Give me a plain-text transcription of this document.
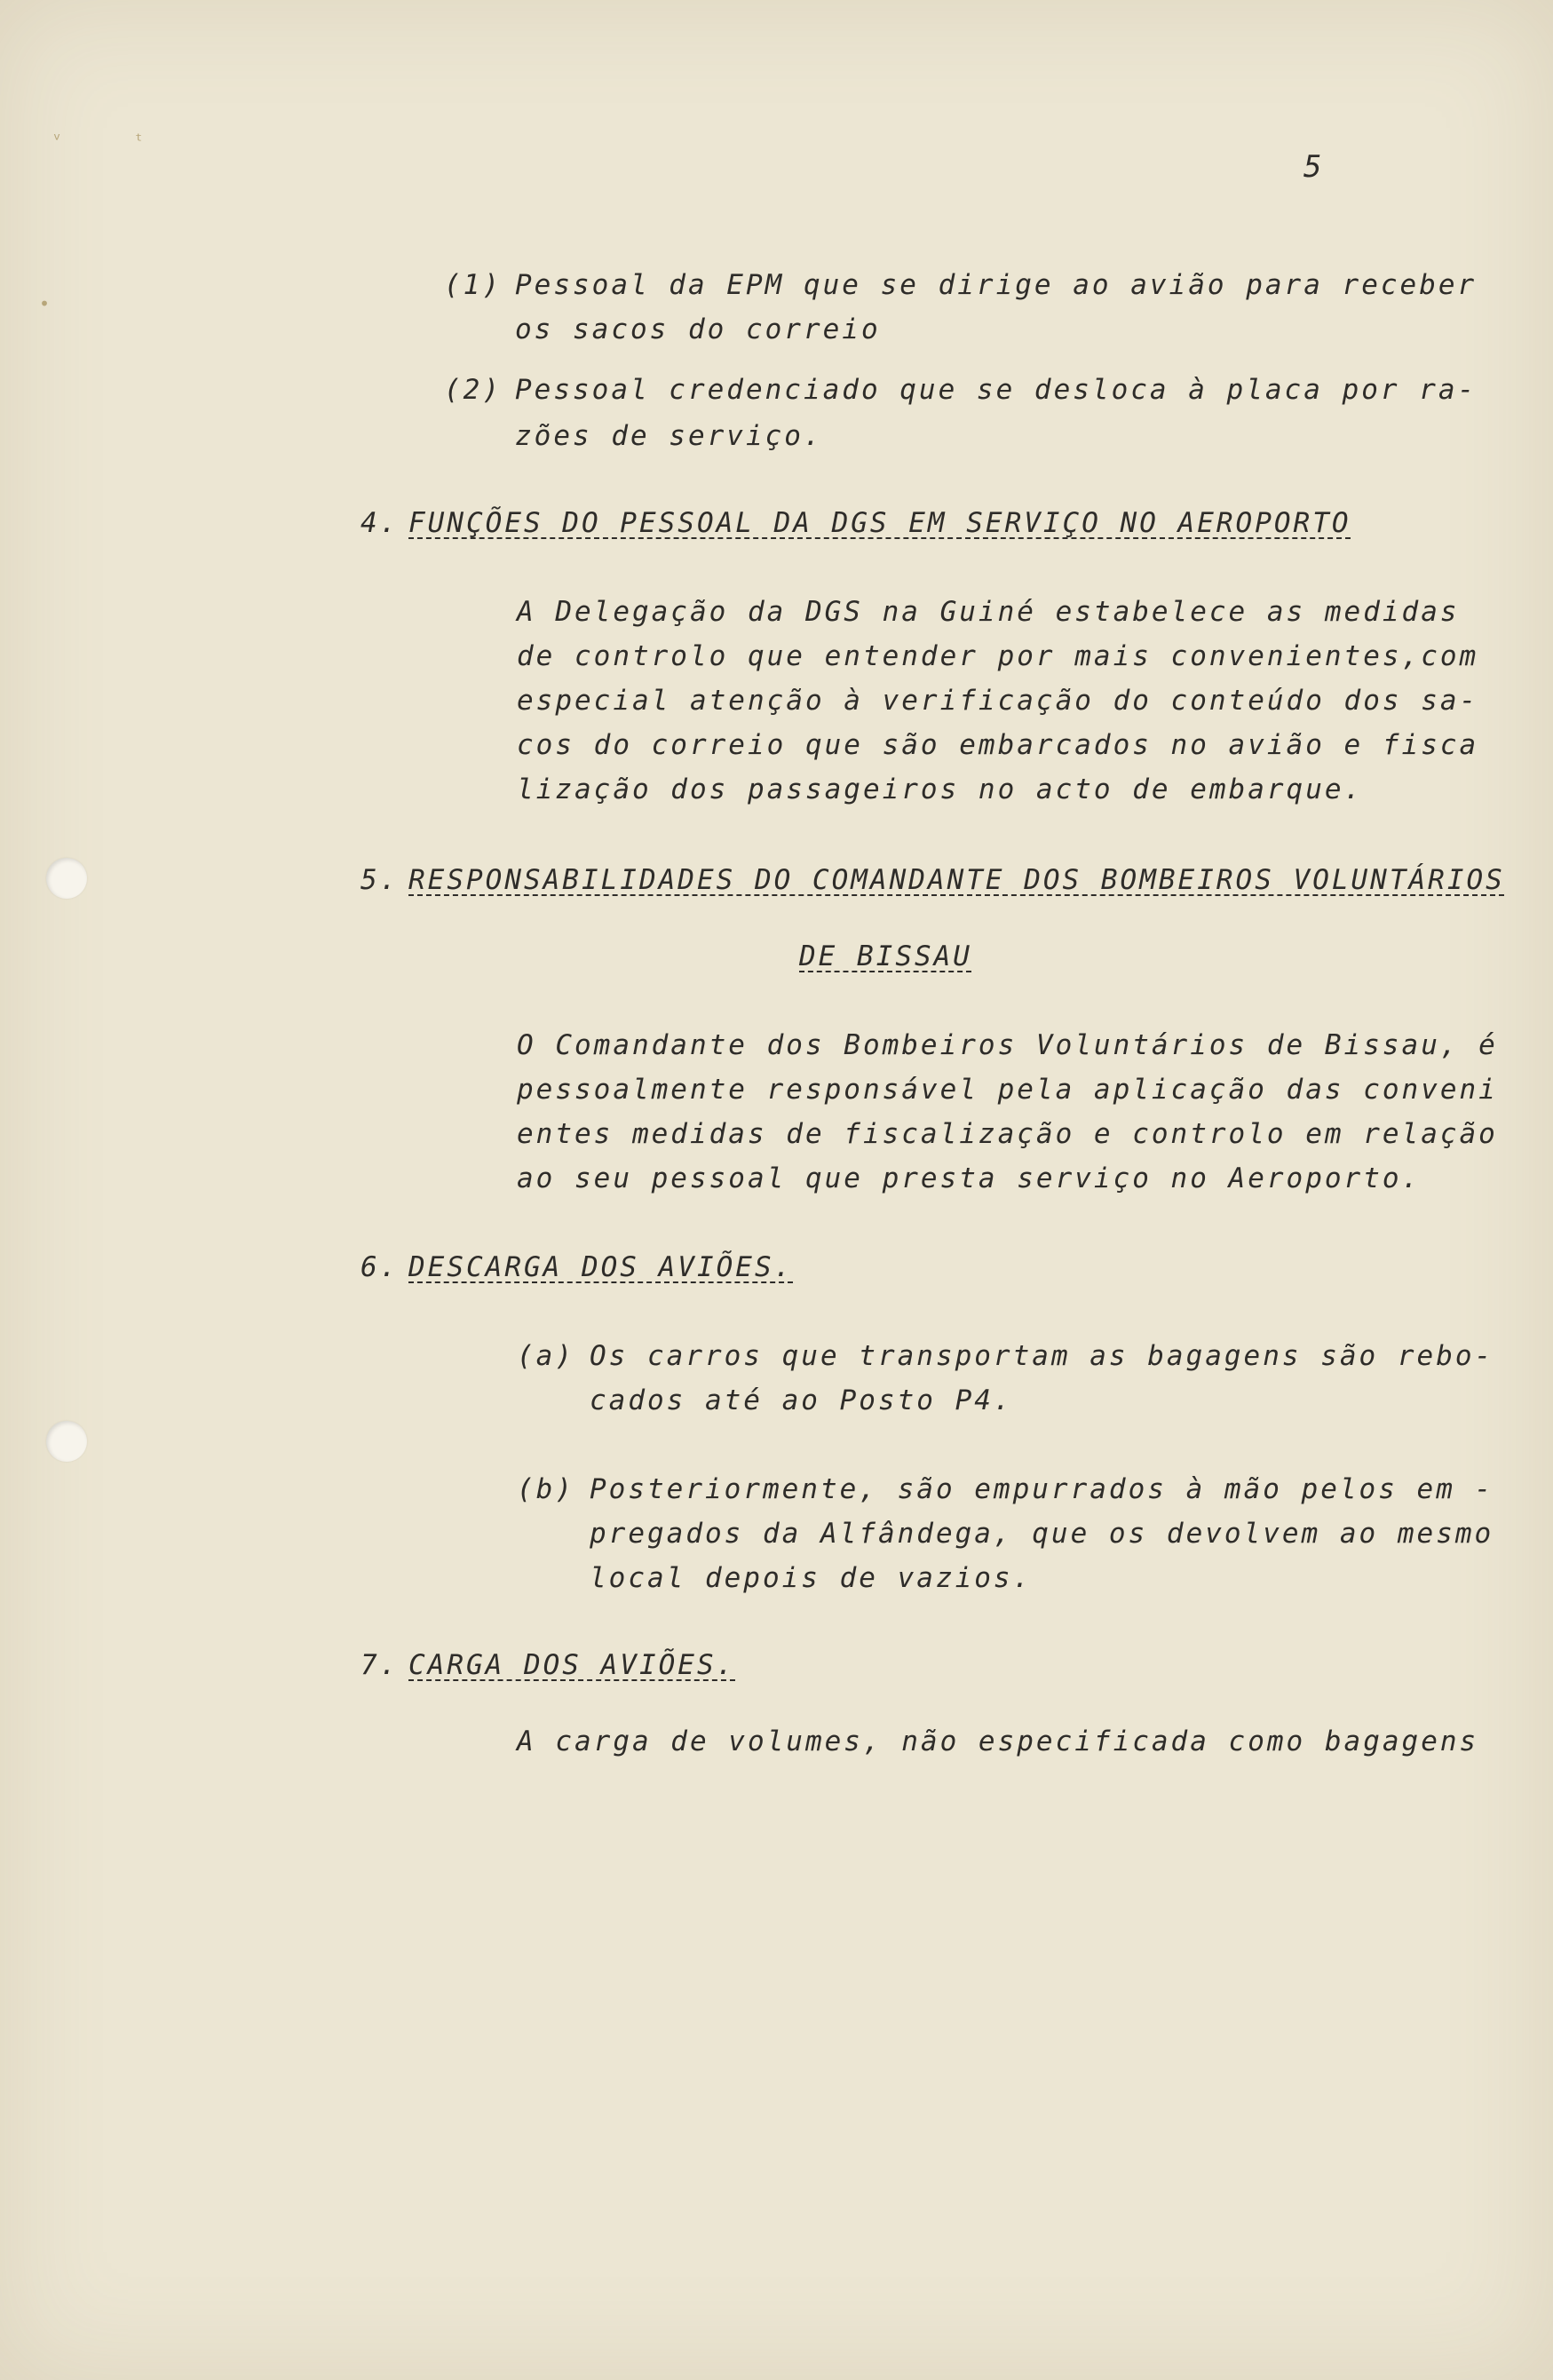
ᵛ	ᵗ
•
5
(1) Pessoal da EPM que se dirige ao avião para receber
os sacos do correio
(2) Pessoal credenciado que se desloca à placa por ra-
zões de serviço.
4. FUNÇÕES DO PESSOAL DA DGS EM SERVIÇO NO AEROPORTO
A Delegação da DGS na Guiné estabelece as medidas
de controlo que entender por mais convenientes,com
especial atenção à verificação do conteúdo dos sa-
cos do correio que são embarcados no avião e fisca
lização dos passageiros no acto de embarque.
5. RESPONSABILIDADES DO COMANDANTE DOS BOMBEIROS VOLUNTÁRIOS
DE BISSAU
O Comandante dos Bombeiros Voluntários de Bissau, é
pessoalmente responsável pela aplicação das conveni
entes medidas de fiscalização e controlo em relação
ao seu pessoal que presta serviço no Aeroporto.
6. DESCARGA DOS AVIÕES.
(a) Os carros que transportam as bagagens são rebo-
cados até ao Posto P4.
(b) Posteriormente, são empurrados à mão pelos em -
pregados da Alfândega, que os devolvem ao mesmo
local depois de vazios.
7. CARGA DOS AVIÕES.
A carga de volumes, não especificada como bagagens
